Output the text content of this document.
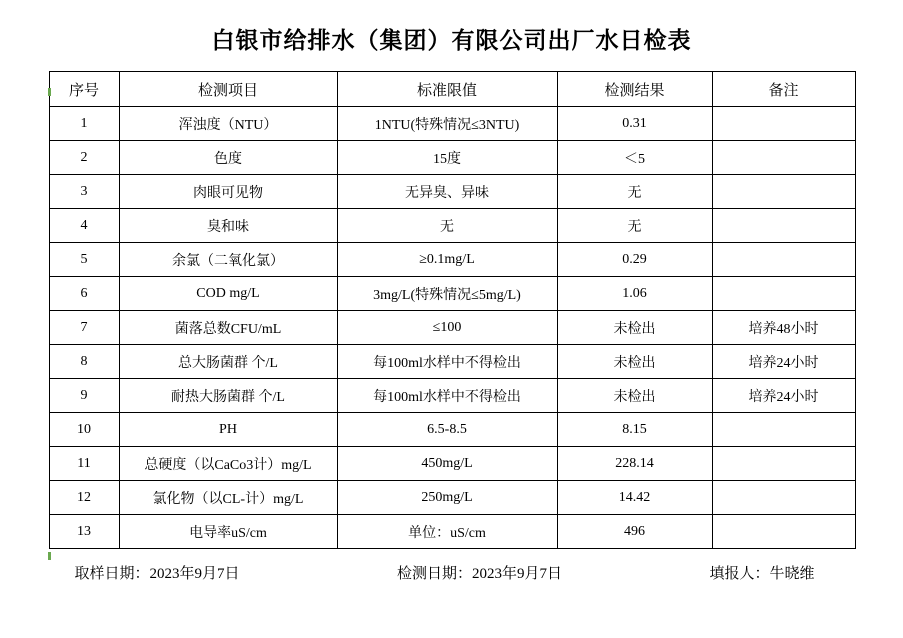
白银市给排水（集团）有限公司出厂水日检表
序号	检测项目	标准限值	检测结果	备注
1	浑浊度（NTU）	1NTU(特殊情况≤3NTU)	0.31	
2	色度	15度	＜5	
3	肉眼可见物	无异臭、异味	无	
4	臭和味	无	无	
5	余氯（二氧化氯）	≥0.1mg/L	0.29	
6	COD mg/L	3mg/L(特殊情况≤5mg/L)	1.06	
7	菌落总数CFU/mL	≤100	未检出	培养48小时
8	总大肠菌群 个/L	每100ml水样中不得检出	未检出	培养24小时
9	耐热大肠菌群 个/L	每100ml水样中不得检出	未检出	培养24小时
10	PH	6.5-8.5	8.15	
11	总硬度（以CaCo3计）mg/L	450mg/L	228.14	
12	氯化物（以CL-计）mg/L	250mg/L	14.42	
13	电导率uS/cm	单位：uS/cm	496	
取样日期：2023年9月7日	检测日期：2023年9月7日	填报人：牛晓维
